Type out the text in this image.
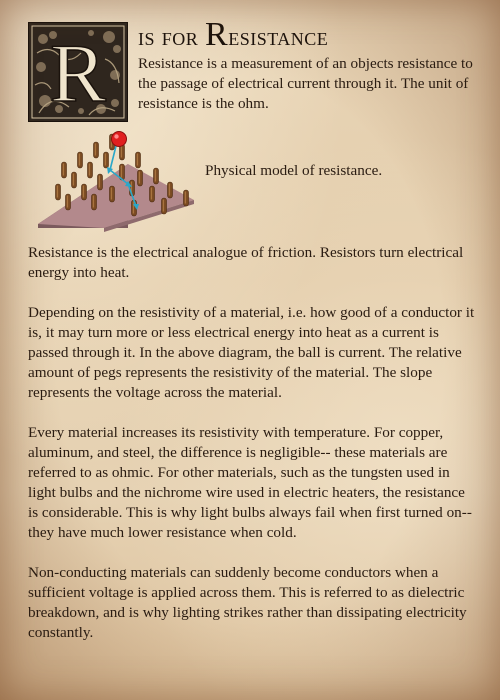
R is for Resistance

Resistance is a measurement of an objects resistance to the passage of electrical current through it. The unit of resistance is the ohm.

Physical model of resistance.

Resistance is the electrical analogue of friction. Resistors turn electrical energy into heat.

Depending on the resistivity of a material, i.e. how good of a conductor it is, it may turn more or less electrical energy into heat as a current is passed through it. In the above diagram, the ball is current. The relative amount of pegs represents the resistivity of the material. The slope represents the voltage across the material.

Every material increases its resistivity with temperature. For copper, aluminum, and steel, the difference is negligible-- these materials are referred to as ohmic. For other materials, such as the tungsten used in light bulbs and the nichrome wire used in electric heaters, the resistance is considerable. This is why light bulbs always fail when first turned on-- they have much lower resistance when cold.

Non-conducting materials can suddenly become conductors when a sufficient voltage is applied across them. This is referred to as dielectric breakdown, and is why lighting strikes rather than dissipating electricity constantly.
